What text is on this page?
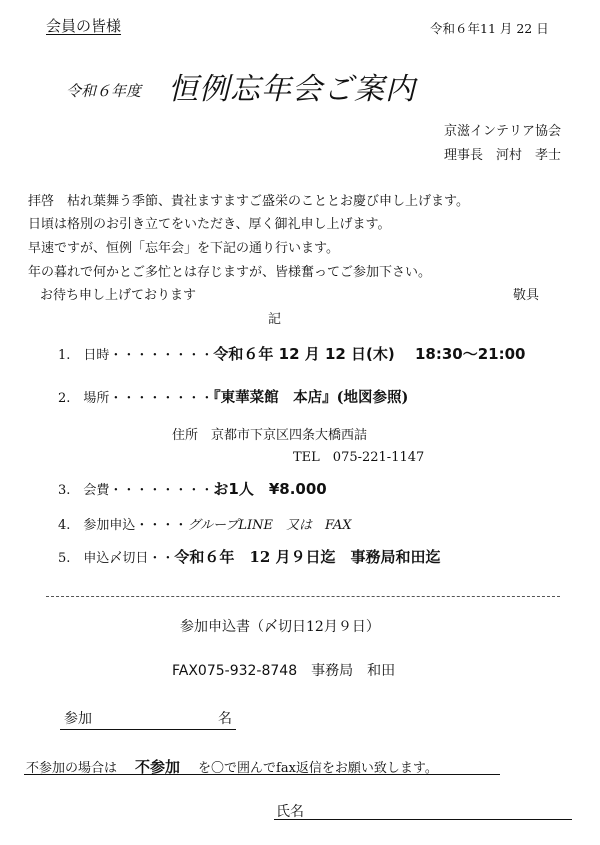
会員の皆様	令和６年11 月 22 日
令和６年度 恒例忘年会ご案内
京滋インテリア協会
理事長　河村　孝士
拝啓　枯れ葉舞う季節、貴社ますますご盛栄のこととお慶び申し上げます。
日頃は格別のお引き立てをいただき、厚く御礼申し上げます。
早速ですが、恒例「忘年会」を下記の通り行います。
年の暮れで何かとご多忙とは存じますが、皆様奮ってご参加下さい。
お待ち申し上げております	敬具
記
1.　日時・・・・・・・・令和６年 12 月 12 日(木)　 18:30〜21:00
2.　場所・・・・・・・・『東華菜館　本店』(地図参照)
住所　京都市下京区四条大橋西詰
TEL　075-221-1147
3.　会費・・・・・・・・お1人　¥8.000
4.　参加申込・・・・グループLINE　又は　FAX
5.　申込〆切日・・令和６年　12 月９日迄　事務局和田迄
参加申込書（〆切日12月９日）
FAX075-932-8748　事務局　和田
参加	名
不参加の場合は 不参加 を〇で囲んでfax返信をお願い致します。
氏名
